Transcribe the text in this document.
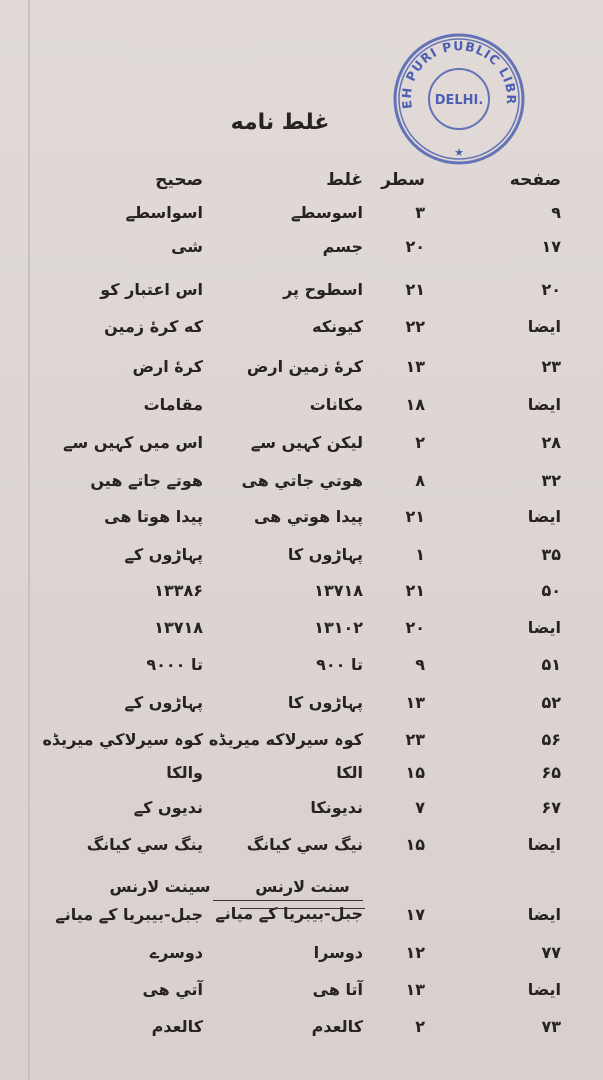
EH PURI PUBLIC LIBR
DELHI.
★
غلط نامه
صفحه
سطر
غلط
صحيح
۹
۳
اسوسطے
اسواسطے
۱۷
۲۰
جسم
شی
۲۰
۲۱
اسطوح پر
اس اعتبار کو
ایضا
۲۲
کیونکه
که کرهٔ زمین
۲۳
۱۳
کرهٔ زمین ارض
کرهٔ ارض
ایضا
۱۸
مکانات
مقامات
۲۸
۲
لیکن کہیں سے
اس میں کہیں سے
۳۲
۸
هوتي جاتي هی
هوتے جاتے هیں
ایضا
۲۱
پیدا هوتي هی
پیدا هوتا هی
۳۵
۱
پہاڑوں کا
پہاڑوں کے
۵۰
۲۱
۱۳۷۱۸
۱۳۳۸۶
ایضا
۲۰
۱۳۱۰۲
۱۳۷۱۸
۵۱
۹
تا ۹۰۰
تا ۹۰۰۰
۵۲
۱۳
پہاڑوں کا
پہاڑوں کے
۵۶
۲۳
کوہ سیرلاکه میریڈه
کوہ سیرلاکي میریڈه
۶۵
۱۵
الکا
والکا
۶۷
۷
ندیونکا
ندیوں کے
ایضا
۱۵
نیگ سي کیانگ
ینگ سي کیانگ
ایضا
۱۷
جبل-بیبریا کے میانے
جبل-بیبریا کے میانے
۷۷
۱۲
دوسرا
دوسرے
ایضا
۱۳
آتا هی
آتي هی
۷۳
۲
کالعدم
کالعدم
سنت لارنس
سینت لارنس
